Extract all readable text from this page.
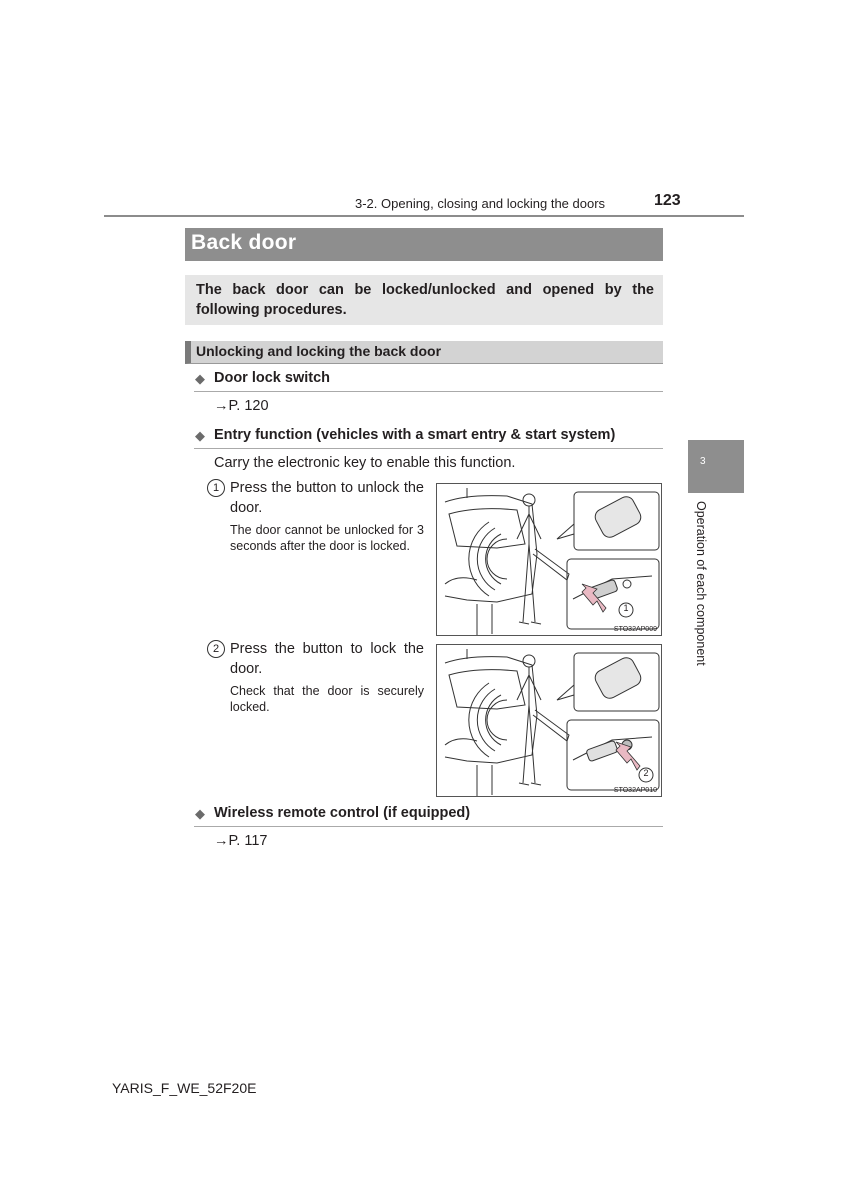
3-2. Opening, closing and locking the doors	123
Back door

The back door can be locked/unlocked and opened by the following procedures.

Unlocking and locking the back door
◆ Door lock switch
→P. 120
◆ Entry function (vehicles with a smart entry & start system)
Carry the electronic key to enable this function.
1 Press the button to unlock the door.
The door cannot be unlocked for 3 seconds after the door is locked.
1
STO32AP009
2 Press the button to lock the door.
Check that the door is securely locked.
2
STO32AP010
◆ Wireless remote control (if equipped)
→P. 117
3
Operation of each component
YARIS_F_WE_52F20E
